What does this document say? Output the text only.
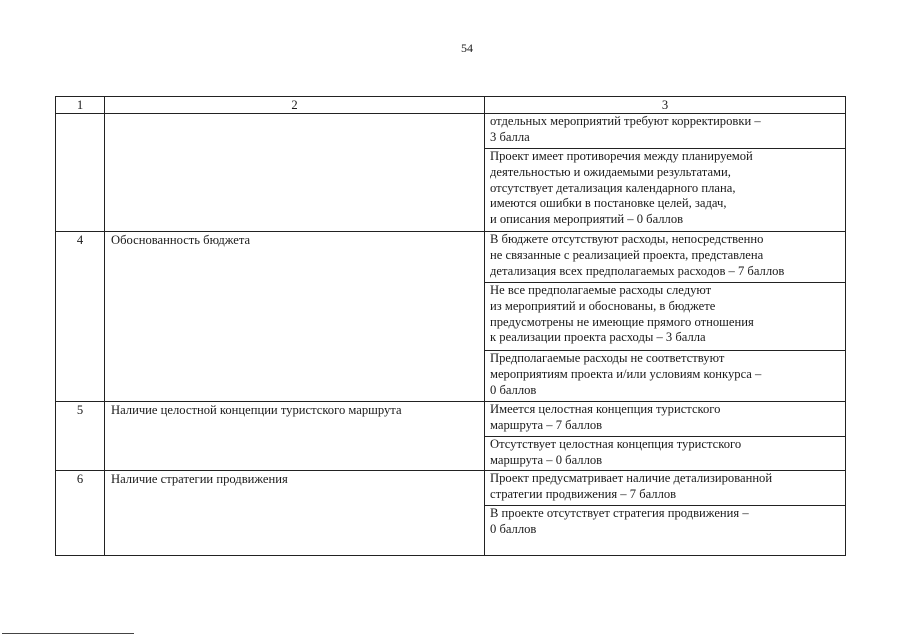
54
1	2	3
		отдельных мероприятий требуют корректировки –
3 балла
		Проект имеет противоречия между планируемой
деятельностью и ожидаемыми результатами,
отсутствует детализация календарного плана,
имеются ошибки в постановке целей, задач,
и описания мероприятий – 0 баллов
4	Обоснованность бюджета	В бюджете отсутствуют расходы, непосредственно
не связанные с реализацией проекта, представлена
детализация всех предполагаемых расходов – 7 баллов
		Не все предполагаемые расходы следуют
из мероприятий и обоснованы, в бюджете
предусмотрены не имеющие прямого отношения
к реализации проекта расходы – 3 балла
		Предполагаемые расходы не соответствуют
мероприятиям проекта и/или условиям конкурса –
0 баллов
5	Наличие целостной концепции туристского маршрута	Имеется целостная концепция туристского
маршрута – 7 баллов
		Отсутствует целостная концепция туристского
маршрута – 0 баллов
6	Наличие стратегии продвижения	Проект предусматривает наличие детализированной
стратегии продвижения – 7 баллов
		В проекте отсутствует стратегия продвижения –
0 баллов
